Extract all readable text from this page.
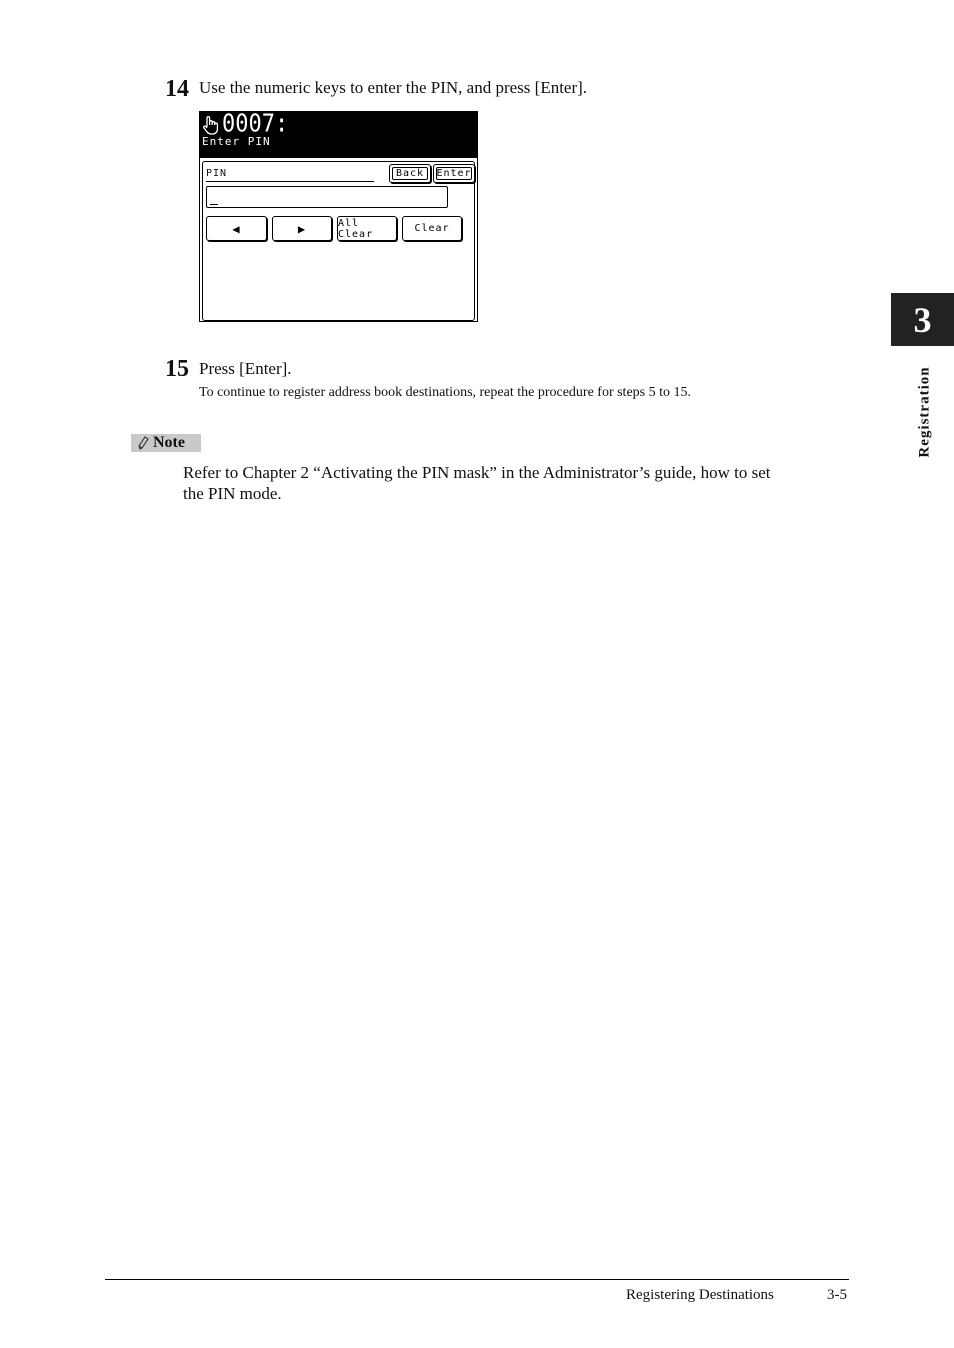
14 Use the numeric keys to enter the PIN, and press [Enter].
0007:
Enter PIN
PIN	Back	Enter
◀	▶	All Clear	Clear
15 Press [Enter].
To continue to register address book destinations, repeat the procedure for steps 5 to 15.
Note
Refer to Chapter 2 “Activating the PIN mask” in the Administrator’s guide, how to set
the PIN mode.
3
Registration
Registering Destinations	3-5
